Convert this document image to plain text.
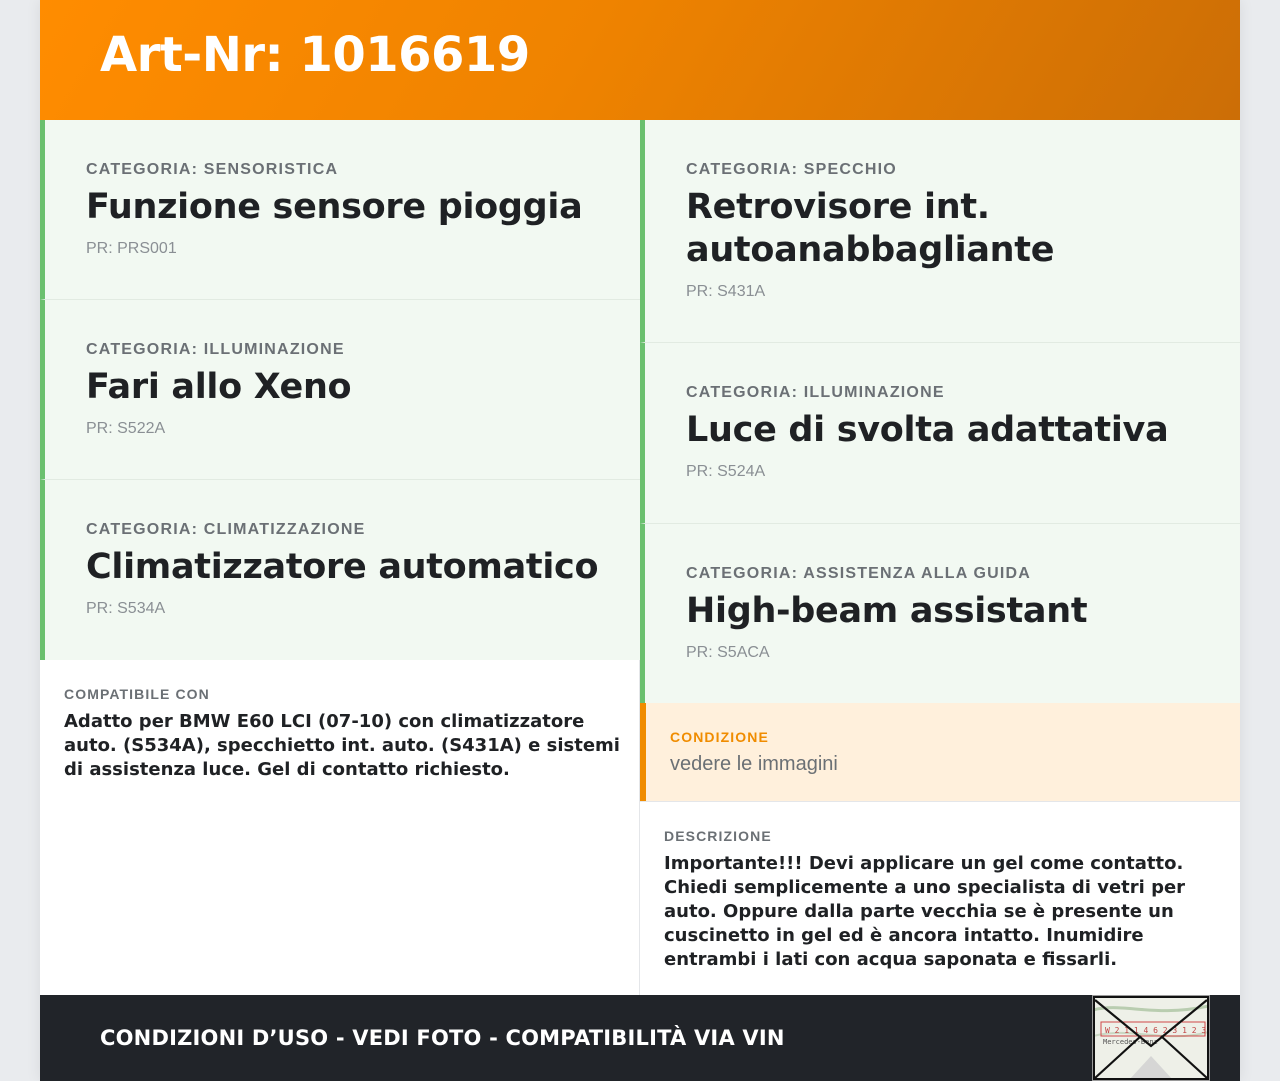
Art-Nr: 1016619
CATEGORIA: SENSORISTICA
Funzione sensore pioggia
PR: PRS001
CATEGORIA: ILLUMINAZIONE
Fari allo Xeno
PR: S522A
CATEGORIA: CLIMATIZZAZIONE
Climatizzatore automatico
PR: S534A
CATEGORIA: SPECCHIO
Retrovisore int. autoanabbagliante
PR: S431A
CATEGORIA: ILLUMINAZIONE
Luce di svolta adattativa
PR: S524A
CATEGORIA: ASSISTENZA ALLA GUIDA
High-beam assistant
PR: S5ACA
COMPATIBILE CON
Adatto per BMW E60 LCI (07-10) con climatizzatore auto. (S534A), specchietto int. auto. (S431A) e sistemi di assistenza luce. Gel di contatto richiesto.
CONDIZIONE
vedere le immagini
DESCRIZIONE
Importante!!! Devi applicare un gel come contatto. Chiedi semplicemente a uno specialista di vetri per auto. Oppure dalla parte vecchia se è presente un cuscinetto in gel ed è ancora intatto. Inumidire entrambi i lati con acqua saponata e fissarli.
CONDIZIONI D’USO - VEDI FOTO - COMPATIBILITÀ VIA VIN	W 2 1 1 4 6 2 3 1 2 3
Mercedes-Benz
